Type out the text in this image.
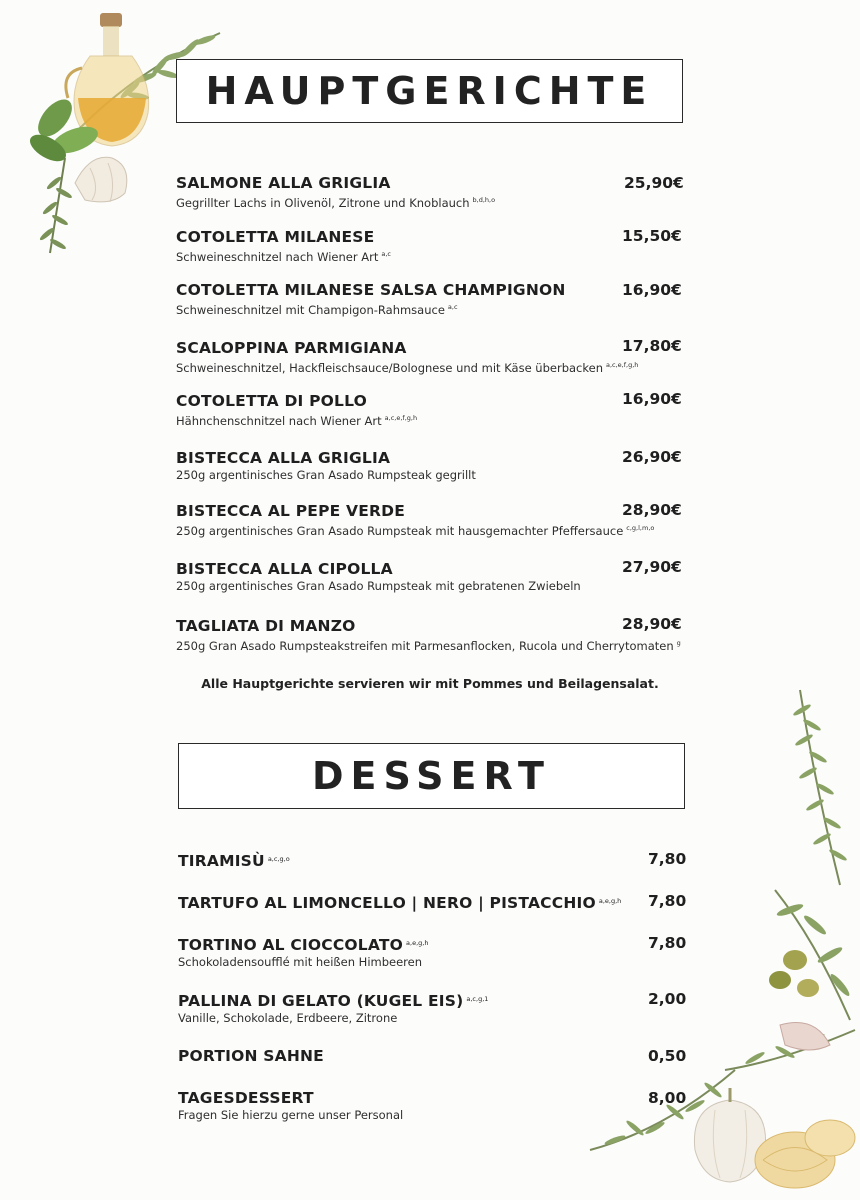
HAUPTGERICHTE
SALMONE ALLA GRIGLIA
Gegrillter Lachs in Olivenöl, Zitrone und Knoblauch $^{b,d,h,o}$
25,90€
COTOLETTA MILANESE
Schweineschnitzel nach Wiener Art $^{a,c}$
15,50€
COTOLETTA MILANESE SALSA CHAMPIGNON
Schweineschnitzel mit Champigon-Rahmsauce $^{a,c}$
16,90€
SCALOPPINA PARMIGIANA
Schweineschnitzel, Hackfleischsauce/Bolognese und mit Käse überbacken $^{a,c,e,f,g,h}$
17,80€
COTOLETTA DI POLLO
Hähnchenschnitzel nach Wiener Art $^{a,c,e,f,g,h}$
16,90€
BISTECCA ALLA GRIGLIA
250g argentinisches Gran Asado Rumpsteak gegrillt
26,90€
BISTECCA AL PEPE VERDE
250g argentinisches Gran Asado Rumpsteak mit hausgemachter Pfeffersauce $^{c,g,l,m,o}$
28,90€
BISTECCA ALLA CIPOLLA
250g argentinisches Gran Asado Rumpsteak mit gebratenen Zwiebeln
27,90€
TAGLIATA DI MANZO
250g Gran Asado Rumpsteakstreifen mit Parmesanflocken, Rucola und Cherrytomaten $^g$
28,90€
Alle Hauptgerichte servieren wir mit Pommes und Beilagensalat.
DESSERT
TIRAMISÙ $^{a,c,g,o}$	7,80
TARTUFO AL LIMONCELLO | NERO | PISTACCHIO $^{a,e,g,h}$ 7,80
TORTINO AL CIOCCOLATO $^{a,e,g,h}$
Schokoladensoufflé mit heißen Himbeeren
7,80
PALLINA DI GELATO (KUGEL EIS) $^{a,c,g,1}$
Vanille, Schokolade, Erdbeere, Zitrone
2,00
PORTION SAHNE	0,50
TAGESDESSERT
Fragen Sie hierzu gerne unser Personal
8,00
